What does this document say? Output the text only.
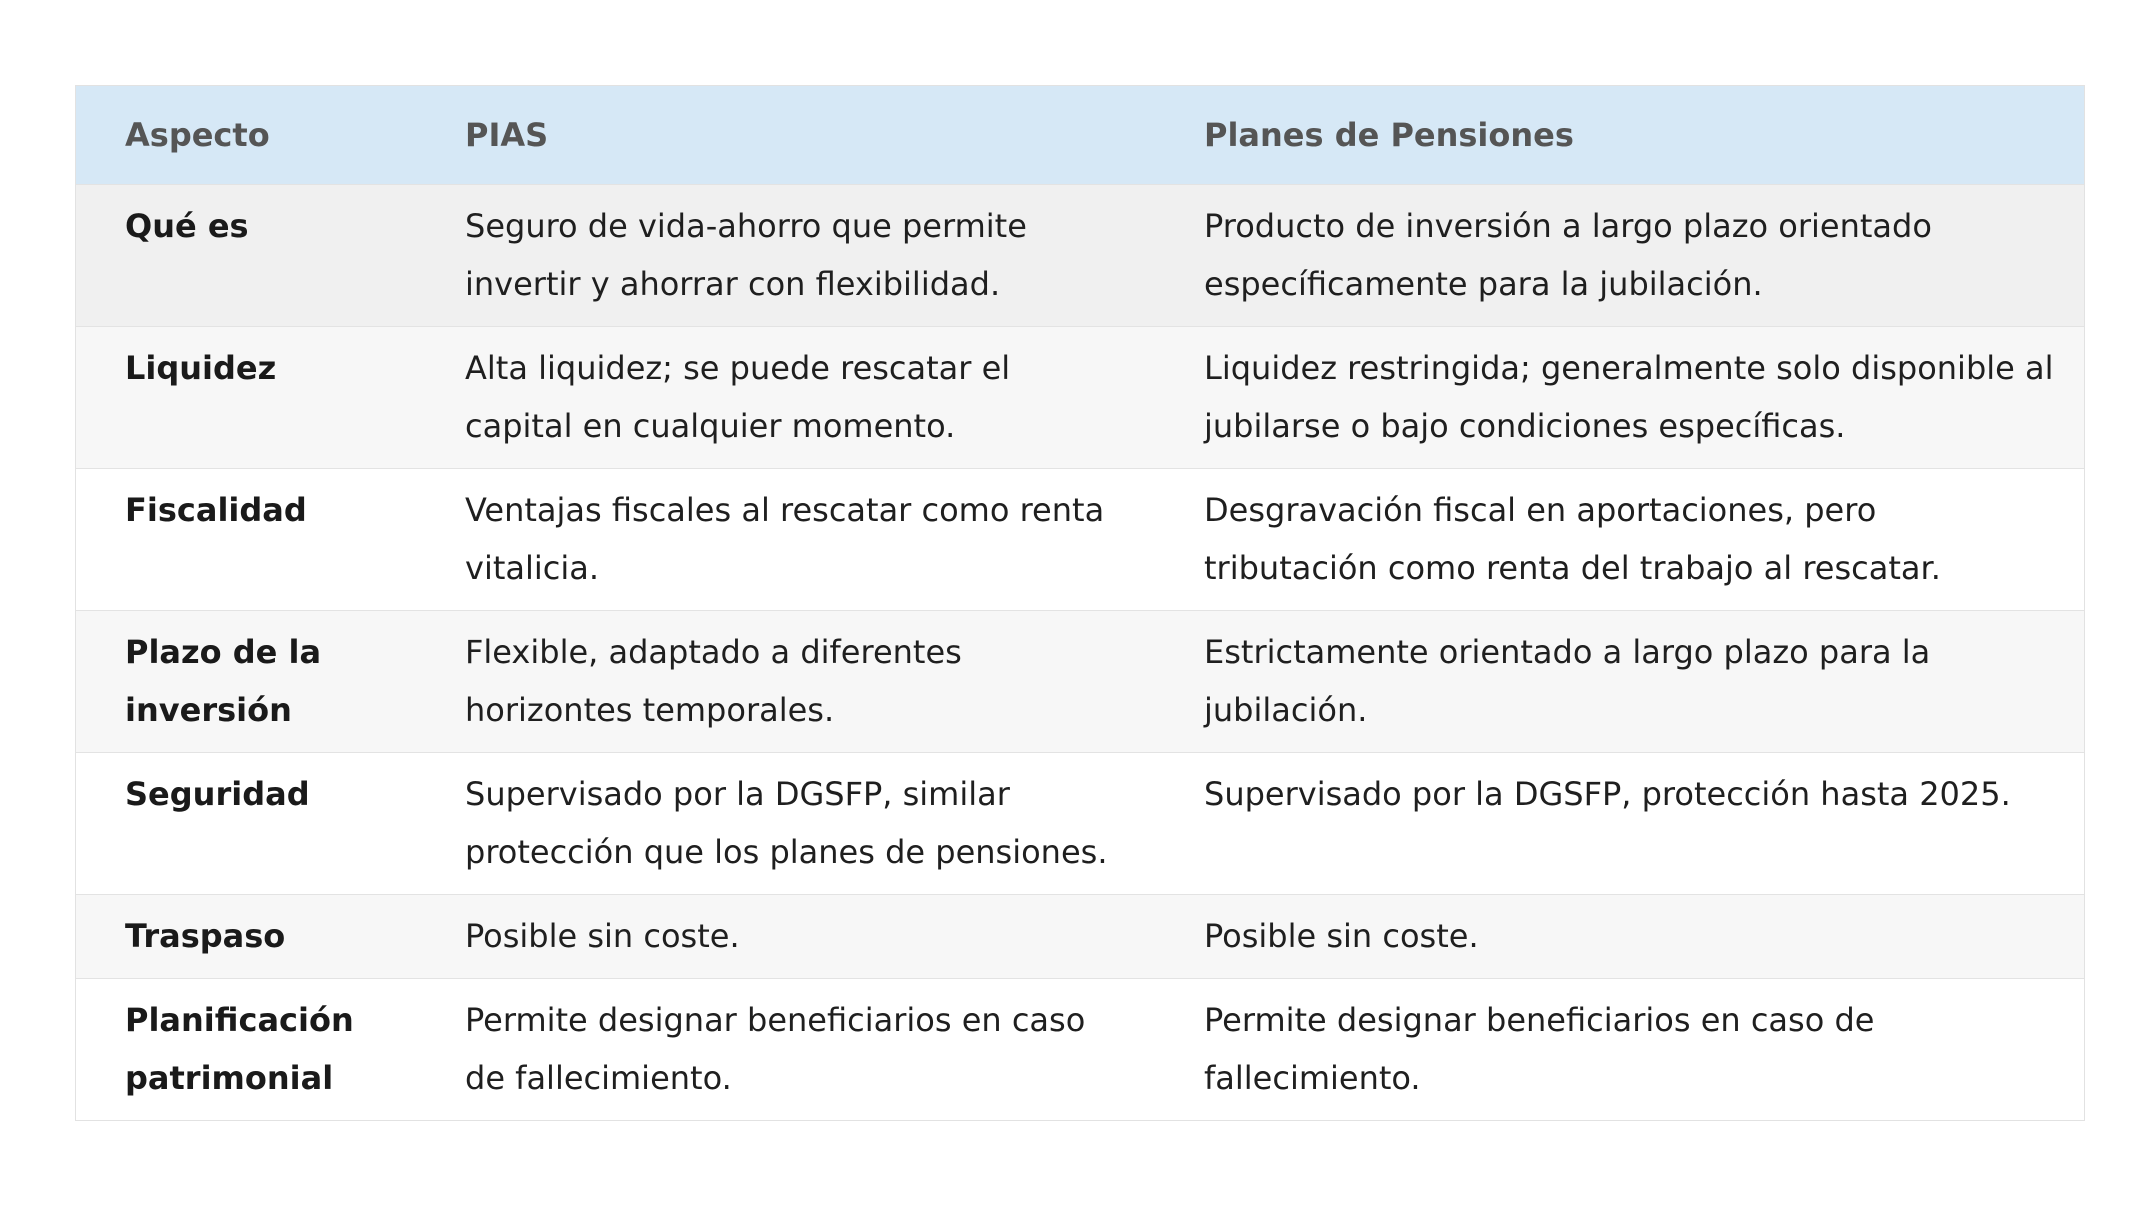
Aspecto	PIAS	Planes de Pensiones
Qué es	Seguro de vida-ahorro que permite invertir y ahorrar con flexibilidad.	Producto de inversión a largo plazo orientado específicamente para la jubilación.
Liquidez	Alta liquidez; se puede rescatar el capital en cualquier momento.	Liquidez restringida; generalmente solo disponible al jubilarse o bajo condiciones específicas.
Fiscalidad	Ventajas fiscales al rescatar como renta vitalicia.	Desgravación fiscal en aportaciones, pero tributación como renta del trabajo al rescatar.
Plazo de la inversión	Flexible, adaptado a diferentes horizontes temporales.	Estrictamente orientado a largo plazo para la jubilación.
Seguridad	Supervisado por la DGSFP, similar protección que los planes de pensiones.	Supervisado por la DGSFP, protección hasta 2025.
Traspaso	Posible sin coste.	Posible sin coste.
Planificación patrimonial	Permite designar beneficiarios en caso de fallecimiento.	Permite designar beneficiarios en caso de fallecimiento.
